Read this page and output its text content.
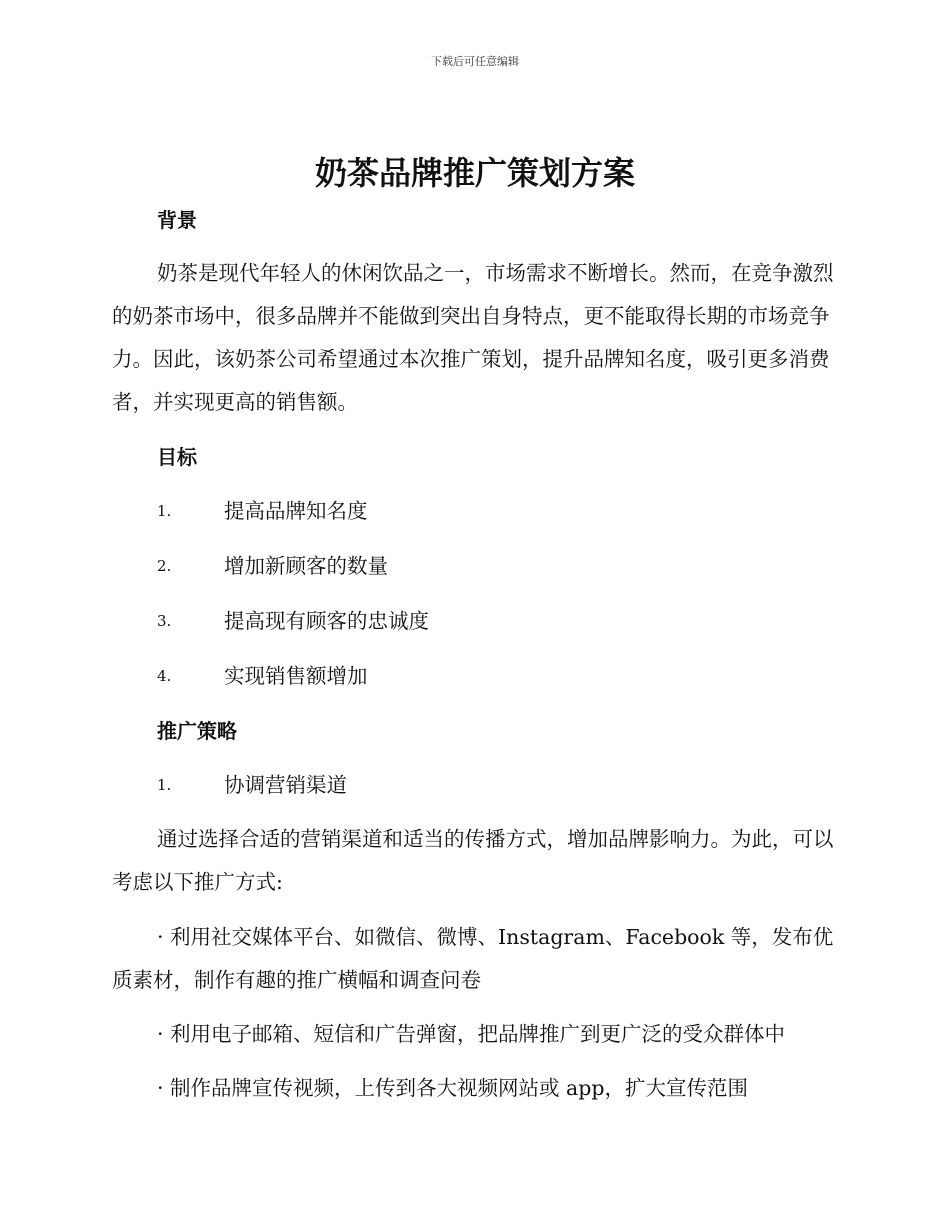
下载后可任意编辑
奶茶品牌推广策划方案
背景

奶茶是现代年轻人的休闲饮品之一，市场需求不断增长。然而，在竞争激烈的奶茶市场中，很多品牌并不能做到突出自身特点，更不能取得长期的市场竞争力。因此，该奶茶公司希望通过本次推广策划，提升品牌知名度，吸引更多消费者，并实现更高的销售额。

目标
1.	提高品牌知名度
2.	增加新顾客的数量
3.	提高现有顾客的忠诚度
4.	实现销售额增加
推广策略
1.	协调营销渠道

通过选择合适的营销渠道和适当的传播方式，增加品牌影响力。为此，可以考虑以下推广方式:

· 利用社交媒体平台、如微信、微博、Instagram、Facebook 等，发布优质素材，制作有趣的推广横幅和调查问卷

· 利用电子邮箱、短信和广告弹窗，把品牌推广到更广泛的受众群体中

· 制作品牌宣传视频，上传到各大视频网站或 app，扩大宣传范围
